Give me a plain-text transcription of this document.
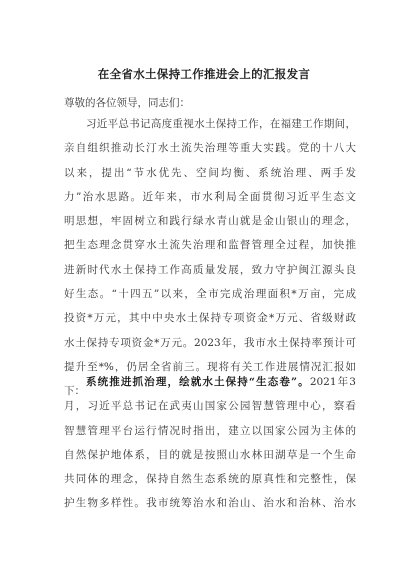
在全省水土保持工作推进会上的汇报发言
尊敬的各位领导，同志们：
习近平总书记高度重视水土保持工作，在福建工作期间，
亲自组织推动长汀水土流失治理等重大实践。党的十八大
以来，提出“节水优先、空间均衡、系统治理、两手发
力”治水思路。近年来，市水利局全面贯彻习近平生态文
明思想，牢固树立和践行绿水青山就是金山银山的理念，
把生态理念贯穿水土流失治理和监督管理全过程，加快推
进新时代水土保持工作高质量发展，致力守护闽江源头良
好生态。“十四五”以来，全市完成治理面积*万亩，完成
投资*万元，其中中央水土保持专项资金*万元、省级财政
水土保持专项资金*万元。2023年，我市水土保持率预计可
提升至*%，仍居全省前三。现将有关工作进展情况汇报如
下：
系统推进抓治理，绘就水土保持“生态卷”。2021年3
月，习近平总书记在武夷山国家公园智慧管理中心，察看
智慧管理平台运行情况时指出，建立以国家公园为主体的
自然保护地体系，目的就是按照山水林田湖草是一个生命
共同体的理念，保持自然生态系统的原真性和完整性，保
护生物多样性。我市统筹治水和治山、治水和治林、治水
